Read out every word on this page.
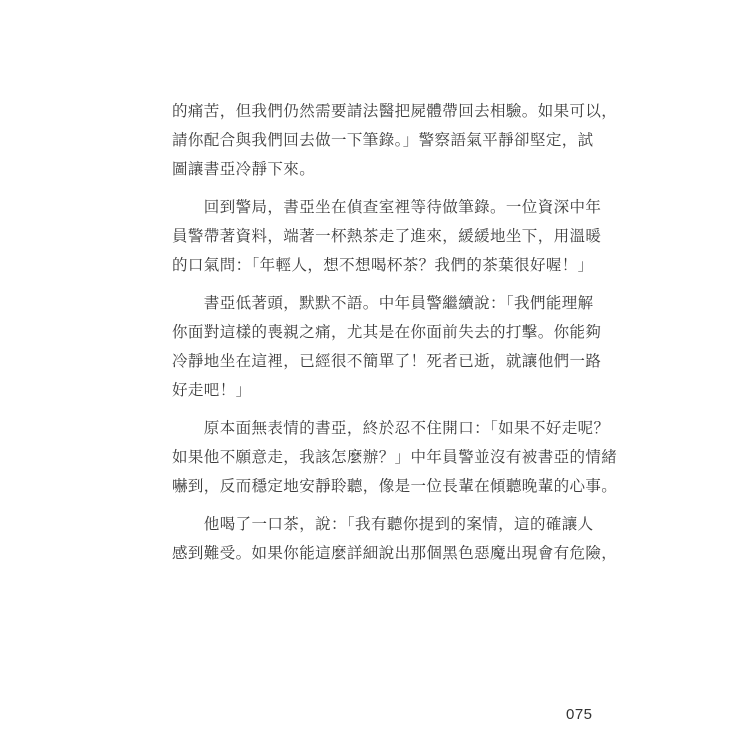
的痛苦，但我們仍然需要請法醫把屍體帶回去相驗。如果可以，
請你配合與我們回去做一下筆錄。」警察語氣平靜卻堅定，試
圖讓書亞冷靜下來。
　　回到警局，書亞坐在偵查室裡等待做筆錄。一位資深中年
員警帶著資料，端著一杯熱茶走了進來，緩緩地坐下，用溫暖
的口氣問：「年輕人，想不想喝杯茶？我們的茶葉很好喔！」
　　書亞低著頭，默默不語。中年員警繼續說：「我們能理解
你面對這樣的喪親之痛，尤其是在你面前失去的打擊。你能夠
冷靜地坐在這裡，已經很不簡單了！死者已逝，就讓他們一路
好走吧！」
　　原本面無表情的書亞，終於忍不住開口：「如果不好走呢？
如果他不願意走，我該怎麼辦？」中年員警並沒有被書亞的情緒
嚇到，反而穩定地安靜聆聽，像是一位長輩在傾聽晚輩的心事。
　　他喝了一口茶，說：「我有聽你提到的案情，這的確讓人
感到難受。如果你能這麼詳細說出那個黑色惡魔出現會有危險，
075
